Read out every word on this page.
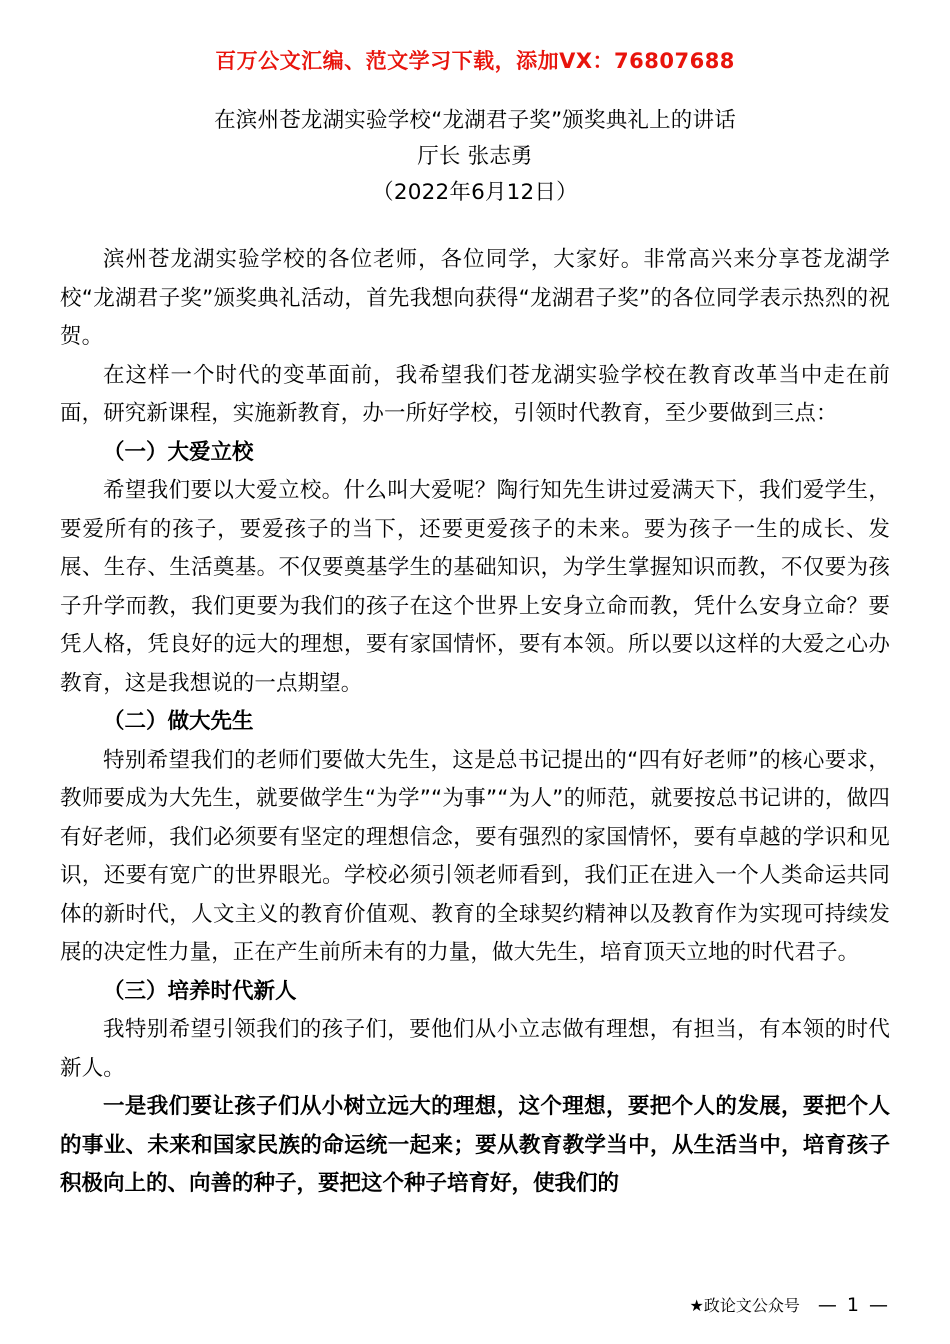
百万公文汇编、范文学习下载，添加VX：76807688
在滨州苍龙湖实验学校“龙湖君子奖”颁奖典礼上的讲话
厅长 张志勇
（2022年6月12日）

滨州苍龙湖实验学校的各位老师，各位同学，大家好。非常高兴来分享苍龙湖学校“龙湖君子奖”颁奖典礼活动，首先我想向获得“龙湖君子奖”的各位同学表示热烈的祝贺。

在这样一个时代的变革面前，我希望我们苍龙湖实验学校在教育改革当中走在前面，研究新课程，实施新教育，办一所好学校，引领时代教育，至少要做到三点：

（一）大爱立校

希望我们要以大爱立校。什么叫大爱呢？陶行知先生讲过爱满天下，我们爱学生，要爱所有的孩子，要爱孩子的当下，还要更爱孩子的未来。要为孩子一生的成长、发展、生存、生活奠基。不仅要奠基学生的基础知识，为学生掌握知识而教，不仅要为孩子升学而教，我们更要为我们的孩子在这个世界上安身立命而教，凭什么安身立命？要凭人格，凭良好的远大的理想，要有家国情怀，要有本领。所以要以这样的大爱之心办教育，这是我想说的一点期望。

（二）做大先生

特别希望我们的老师们要做大先生，这是总书记提出的“四有好老师”的核心要求，教师要成为大先生，就要做学生“为学”“为事”“为人”的师范，就要按总书记讲的，做四有好老师，我们必须要有坚定的理想信念，要有强烈的家国情怀，要有卓越的学识和见识，还要有宽广的世界眼光。学校必须引领老师看到，我们正在进入一个人类命运共同体的新时代，人文主义的教育价值观、教育的全球契约精神以及教育作为实现可持续发展的决定性力量，正在产生前所未有的力量，做大先生，培育顶天立地的时代君子。

（三）培养时代新人

我特别希望引领我们的孩子们，要他们从小立志做有理想，有担当，有本领的时代新人。

一是我们要让孩子们从小树立远大的理想，这个理想，要把个人的发展，要把个人的事业、未来和国家民族的命运统一起来；要从教育教学当中，从生活当中，培育孩子积极向上的、向善的种子，要把这个种子培育好，使我们的

★政论文公众号 — 1 —
